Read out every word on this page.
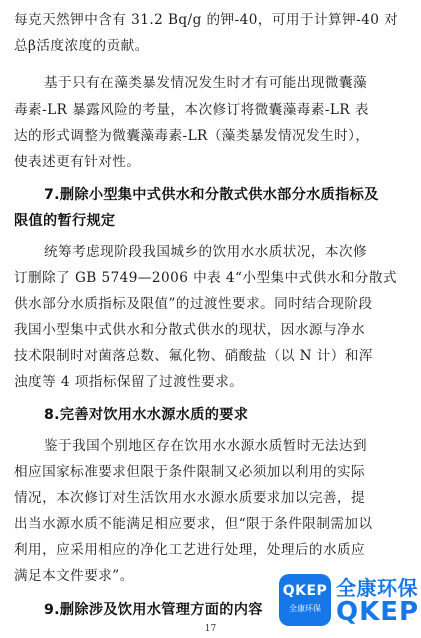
每克天然钾中含有 31.2 Bq/g 的钾-40，可用于计算钾-40 对
总β活度浓度的贡献。
基于只有在藻类暴发情况发生时才有可能出现微囊藻
毒素-LR 暴露风险的考量，本次修订将微囊藻毒素-LR 表
达的形式调整为微囊藻毒素-LR（藻类暴发情况发生时），
使表述更有针对性。
7.删除小型集中式供水和分散式供水部分水质指标及
限值的暂行规定
统筹考虑现阶段我国城乡的饮用水水质状况，本次修
订删除了 GB 5749—2006 中表 4“小型集中式供水和分散式
供水部分水质指标及限值”的过渡性要求。同时结合现阶段
我国小型集中式供水和分散式供水的现状，因水源与净水
技术限制时对菌落总数、氟化物、硝酸盐（以 N 计）和浑
浊度等 4 项指标保留了过渡性要求。
8.完善对饮用水水源水质的要求
鉴于我国个别地区存在饮用水水源水质暂时无法达到
相应国家标准要求但限于条件限制又必须加以利用的实际
情况，本次修订对生活饮用水水源水质要求加以完善，提
出当水源水质不能满足相应要求，但“限于条件限制需加以
利用，应采用相应的净化工艺进行处理，处理后的水质应
满足本文件要求”。
9.删除涉及饮用水管理方面的内容
17
QKEP
全康环保
全康环保
QKEP
